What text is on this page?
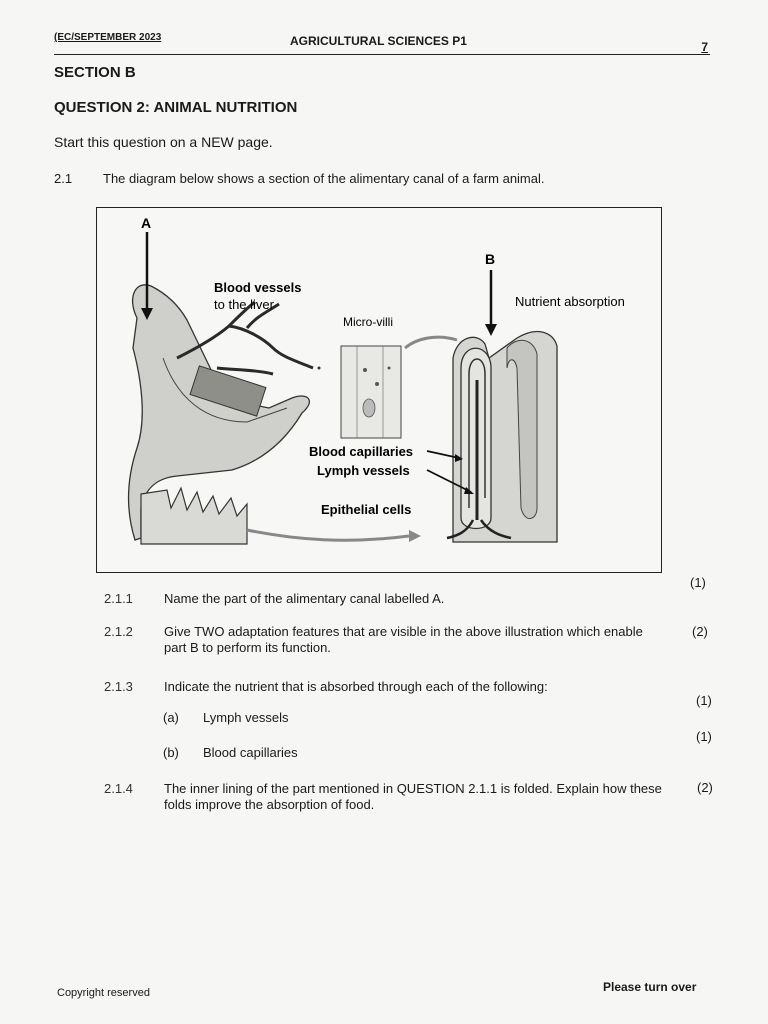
(EC/SEPTEMBER 2023	AGRICULTURAL SCIENCES P1	7
SECTION B
QUESTION 2: ANIMAL NUTRITION
Start this question on a NEW page.
2.1 The diagram below shows a section of the alimentary canal of a farm animal.
A
B
Blood vessels
to the liver
Micro-villi
Nutrient absorption
Blood capillaries
Lymph vessels
Epithelial cells
2.1.1	Name the part of the alimentary canal labelled A.
(1)
2.1.2	Give TWO adaptation features that are visible in the above illustration which enable part B to perform its function.
(2)
2.1.3	Indicate the nutrient that is absorbed through each of the following:
(a) Lymph vessels
(1)
(b) Blood capillaries
(1)
2.1.4	The inner lining of the part mentioned in QUESTION 2.1.1 is folded. Explain how these folds improve the absorption of food.
(2)
Copyright reserved	Please turn over
